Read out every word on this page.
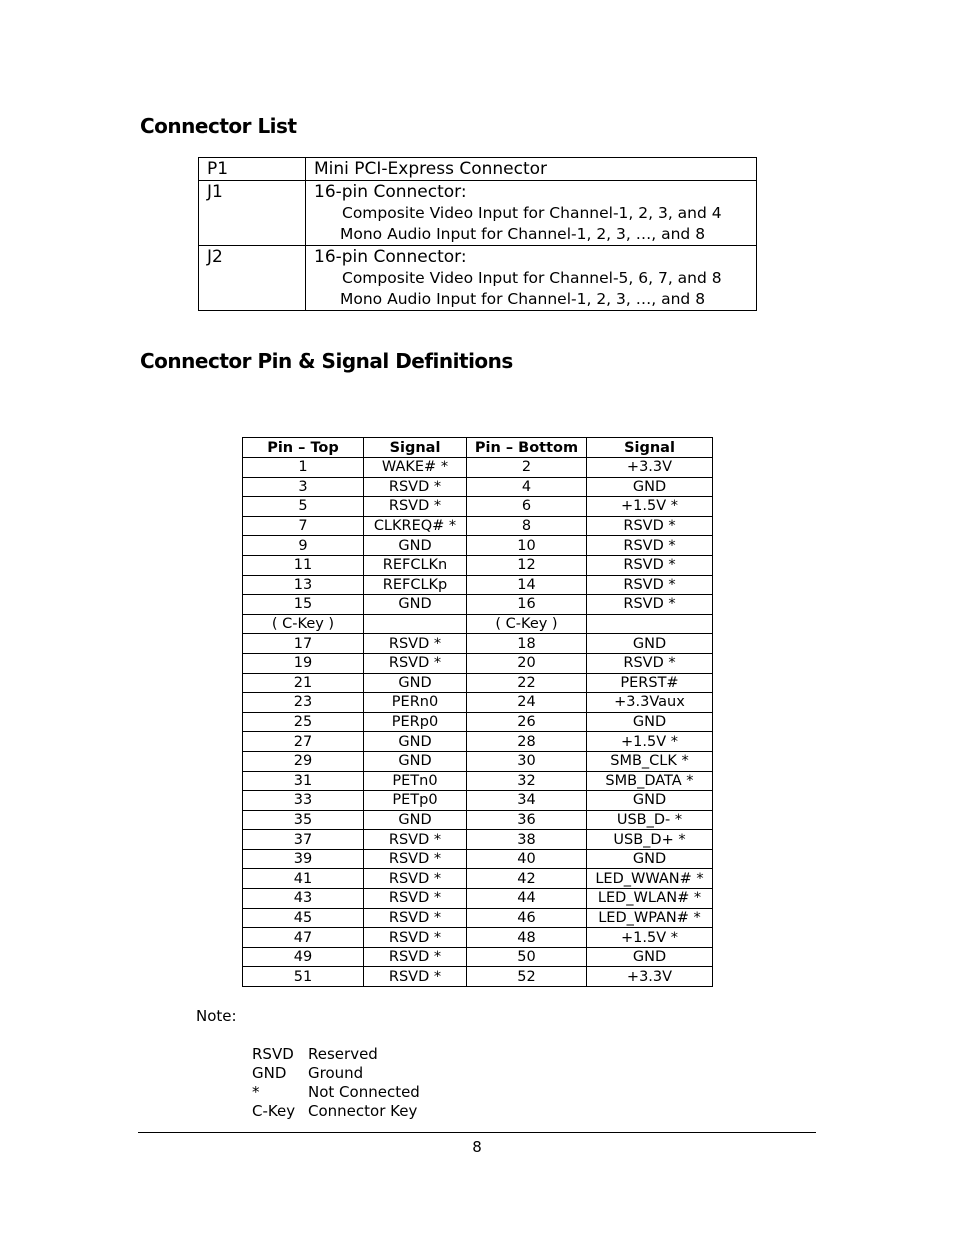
Connector List
P1	Mini PCI-Express Connector

J1	16-pin Connector:
Composite Video Input for Channel-1, 2, 3, and 4
Mono Audio Input for Channel-1, 2, 3, …, and 8

J2	16-pin Connector:
Composite Video Input for Channel-5, 6, 7, and 8
Mono Audio Input for Channel-1, 2, 3, …, and 8
Connector Pin & Signal Definitions
Pin – Top	Signal	Pin – Bottom	Signal
1	WAKE# *	2	+3.3V
3	RSVD *	4	GND
5	RSVD *	6	+1.5V *
7	CLKREQ# *	8	RSVD *
9	GND	10	RSVD *
11	REFCLKn	12	RSVD *
13	REFCLKp	14	RSVD *
15	GND	16	RSVD *
( C-Key )		( C-Key )	
17	RSVD *	18	GND
19	RSVD *	20	RSVD *
21	GND	22	PERST#
23	PERn0	24	+3.3Vaux
25	PERp0	26	GND
27	GND	28	+1.5V *
29	GND	30	SMB_CLK *
31	PETn0	32	SMB_DATA *
33	PETp0	34	GND
35	GND	36	USB_D- *
37	RSVD *	38	USB_D+ *
39	RSVD *	40	GND
41	RSVD *	42	LED_WWAN# *
43	RSVD *	44	LED_WLAN# *
45	RSVD *	46	LED_WPAN# *
47	RSVD *	48	+1.5V *
49	RSVD *	50	GND
51	RSVD *	52	+3.3V
Note:
RSVD Reserved
GND	Ground
*	Not Connected
C-Key Connector Key
8
